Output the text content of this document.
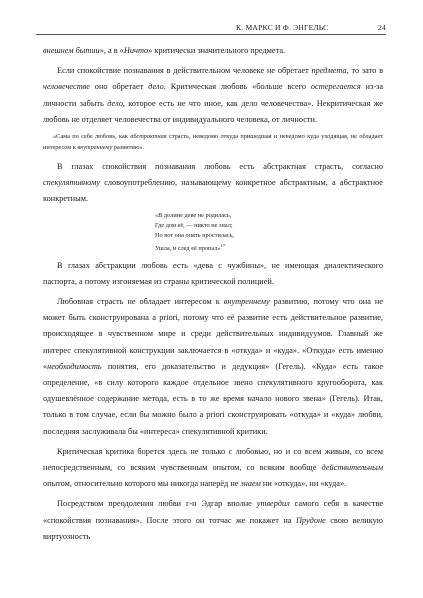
К. МАРКС И Ф. ЭНГЕЛЬС	24

внешнем бытии», а в «Ничто» критически значительного предмета.

Если спокойствие познавания в действительном человеке не обретает предмета, то зато в человечестве оно обретает дело. Критическая любовь «больше всего остерегается из-за личности забыть дело, которое есть не что иное, как дело человечества». Некритическая же любовь не отделяет человечества от индивидуального человека, от личности.

«Сама по себе любовь, как абстрактная страсть, неведомо откуда пришедшая и неведомо куда уходящая, не обладает интересом к внутреннему развитию».

В глазах спокойствия познавания любовь есть абстрактная страсть, согласно спекулятивному словоупотреблению, называющему конкретное абстрактным, а абстрактное конкретным.

«В долине деве не родилась,
Где дом её, — никто не знал;
Но вот она опять простилась,
Ушла, и след её пропал»$^{17}$

В глазах абстракции любовь есть «дева с чужбины», не имеющая диалектического паспорта, а потому изгоняемая из страны критической полицией.

Любовная страсть не обладает интересом к внутреннему развитию, потому что она не может быть сконструирована a priori, потому что её развитие есть действительное развитие, происходящее в чувственном мире и среди действительных индивидуумов. Главный же интерес спекулятивной конструкции заключается в «откуда» и «куда». «Откуда» есть именно «необходимость понятия, его доказательство и дедукция» (Гегель). «Куда» есть такое определение, «в силу которого каждое отдельное звено спекулятивного кругооборота, как одушевлённое содержание метода, есть в то же время начало нового звена» (Гегель). Итак, только в том случае, если бы можно было a priori сконструировать «откуда» и «куда» любви, последняя заслуживала бы «интереса» спекулятивной критики.

Критическая критика борется здесь не только с любовью, но и со всем живым, со всем непосредственным, со всяким чувственным опытом, со всяким вообще действительным опытом, относительно которого мы никогда наперёд не знаем ни «откуда», ни «куда».

Посредством преодоления любви г-н Эдгар вполне утвердил самого себя в качестве «спокойствия познавания». После этого он тотчас же покажет на Прудоне свою великую виртуозность
